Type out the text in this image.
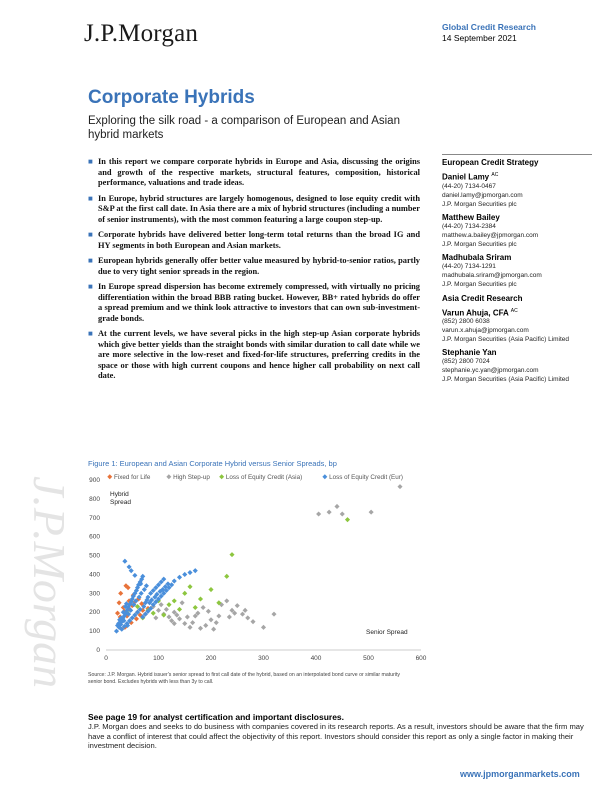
J.P.Morgan
J.P.Morgan	Global Credit Research
14 September 2021
Corporate Hybrids
Exploring the silk road - a comparison of European and Asian hybrid markets
■ In this report we compare corporate hybrids in Europe and Asia, discussing the origins and growth of the respective markets, structural features, composition, historical performance, valuations and trade ideas.
■ In Europe, hybrid structures are largely homogenous, designed to lose equity credit with S&P at the first call date. In Asia there are a mix of hybrid structures (including a number of senior instruments), with the most common featuring a large coupon step-up.
■ Corporate hybrids have delivered better long-term total returns than the broad IG and HY segments in both European and Asian markets.
■ European hybrids generally offer better value measured by hybrid-to-senior ratios, partly due to very tight senior spreads in the region.
■ In Europe spread dispersion has become extremely compressed, with virtually no pricing differentiation within the broad BBB rating bucket. However, BB+ rated hybrids do offer a spread premium and we think look attractive to investors that can own sub-investment-grade bonds.
■ At the current levels, we have several picks in the high step-up Asian corporate hybrids which give better yields than the straight bonds with similar duration to call date while we are more selective in the low-reset and fixed-for-life structures, preferring credits in the space or those with high current coupons and hence higher call probability on next call date.
European Credit Strategy
Daniel Lamy $^{AC}$
(44-20) 7134-0467
daniel.lamy@jpmorgan.com
J.P. Morgan Securities plc
Matthew Bailey
(44-20) 7134-2384
matthew.a.bailey@jpmorgan.com
J.P. Morgan Securities plc
Madhubala Sriram
(44-20) 7134-1291
madhubala.sriram@jpmorgan.com
J.P. Morgan Securities plc
Asia Credit Research
Varun Ahuja, CFA $^{AC}$
(852) 2800 6038
varun.x.ahuja@jpmorgan.com
J.P. Morgan Securities (Asia Pacific) Limited
Stephanie Yan
(852) 2800 7024
stephanie.yc.yan@jpmorgan.com
J.P. Morgan Securities (Asia Pacific) Limited
Figure 1: European and Asian Corporate Hybrid versus Senior Spreads, bp
Fixed for Life	High Step-up	Loss of Equity Credit (Asia)	Loss of Equity Credit (Eur)
0	100	200	300	400	500	600
0
100
200
300
400
500
600
700
800
900
Hybrid Spread
Senior Spread
Source: J.P. Morgan. Hybrid issuer's senior spread to first call date of the hybrid, based on an interpolated bond curve or similar maturity senior bond. Excludes hybrids with less than 3y to call.
See page 19 for analyst certification and important disclosures.
J.P. Morgan does and seeks to do business with companies covered in its research reports. As a result, investors should be aware that the firm may have a conflict of interest that could affect the objectivity of this report. Investors should consider this report as only a single factor in making their investment decision.
www.jpmorganmarkets.com
